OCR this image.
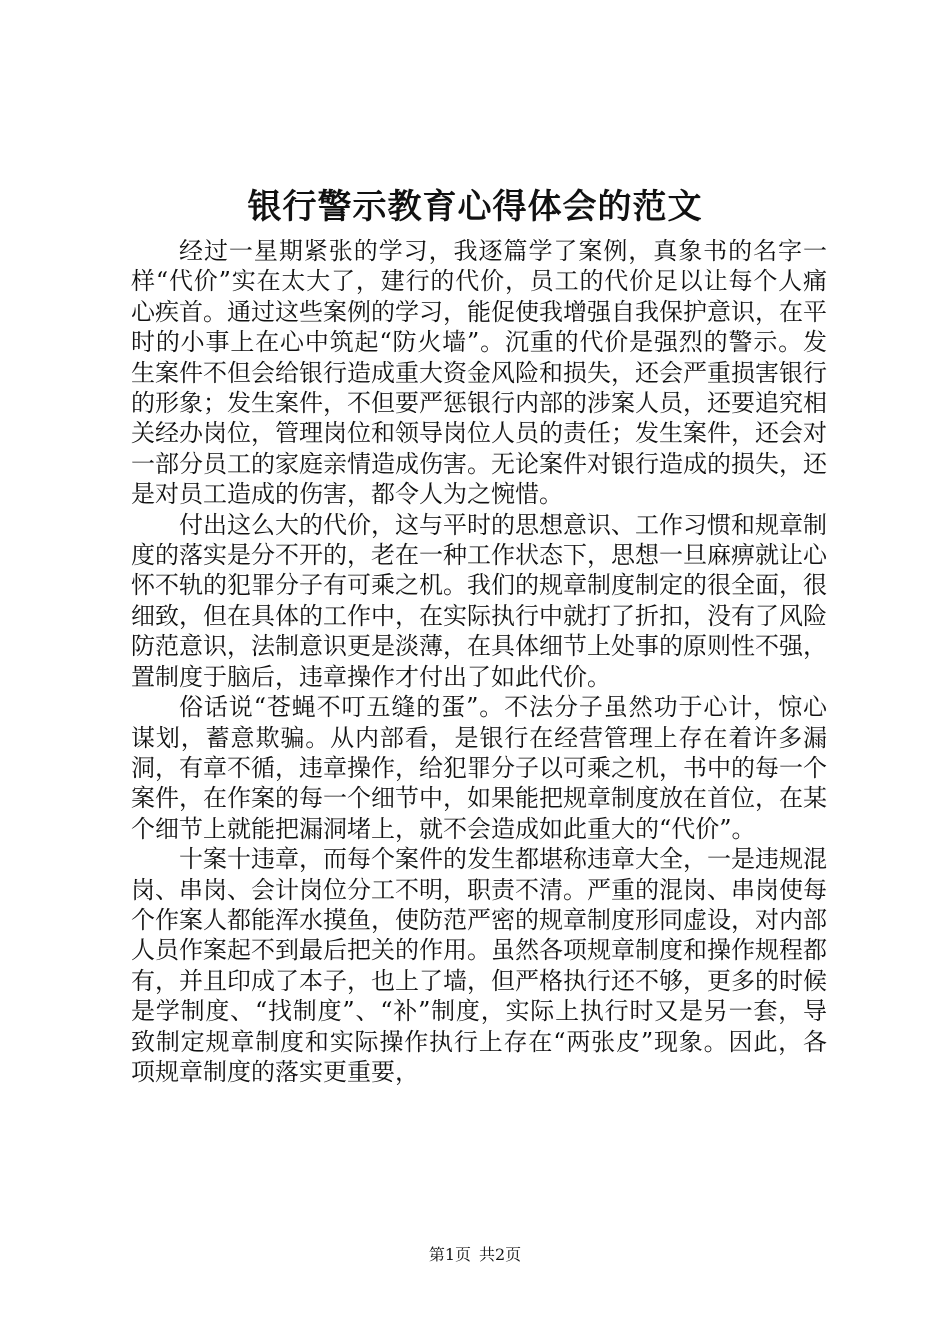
银行警示教育心得体会的范文

经过一星期紧张的学习，我逐篇学了案例，真象书的名字一样“代价”实在太大了，建行的代价，员工的代价足以让每个人痛心疾首。通过这些案例的学习，能促使我增强自我保护意识，在平时的小事上在心中筑起“防火墙”。沉重的代价是强烈的警示。发生案件不但会给银行造成重大资金风险和损失，还会严重损害银行的形象；发生案件，不但要严惩银行内部的涉案人员，还要追究相关经办岗位，管理岗位和领导岗位人员的责任；发生案件，还会对一部分员工的家庭亲情造成伤害。无论案件对银行造成的损失，还是对员工造成的伤害，都令人为之惋惜。

付出这么大的代价，这与平时的思想意识、工作习惯和规章制度的落实是分不开的，老在一种工作状态下，思想一旦麻痹就让心怀不轨的犯罪分子有可乘之机。我们的规章制度制定的很全面，很细致，但在具体的工作中，在实际执行中就打了折扣，没有了风险防范意识，法制意识更是淡薄，在具体细节上处事的原则性不强，置制度于脑后，违章操作才付出了如此代价。

俗话说“苍蝇不叮五缝的蛋”。不法分子虽然功于心计，惊心谋划，蓄意欺骗。从内部看，是银行在经营管理上存在着许多漏洞，有章不循，违章操作，给犯罪分子以可乘之机，书中的每一个案件，在作案的每一个细节中，如果能把规章制度放在首位，在某个细节上就能把漏洞堵上，就不会造成如此重大的“代价”。

十案十违章，而每个案件的发生都堪称违章大全，一是违规混岗、串岗、会计岗位分工不明，职责不清。严重的混岗、串岗使每个作案人都能浑水摸鱼，使防范严密的规章制度形同虚设，对内部人员作案起不到最后把关的作用。虽然各项规章制度和操作规程都有，并且印成了本子，也上了墙，但严格执行还不够，更多的时候是学制度、“找制度”、“补”制度，实际上执行时又是另一套，导致制定规章制度和实际操作执行上存在“两张皮”现象。因此，各项规章制度的落实更重要，

第1页 共2页
